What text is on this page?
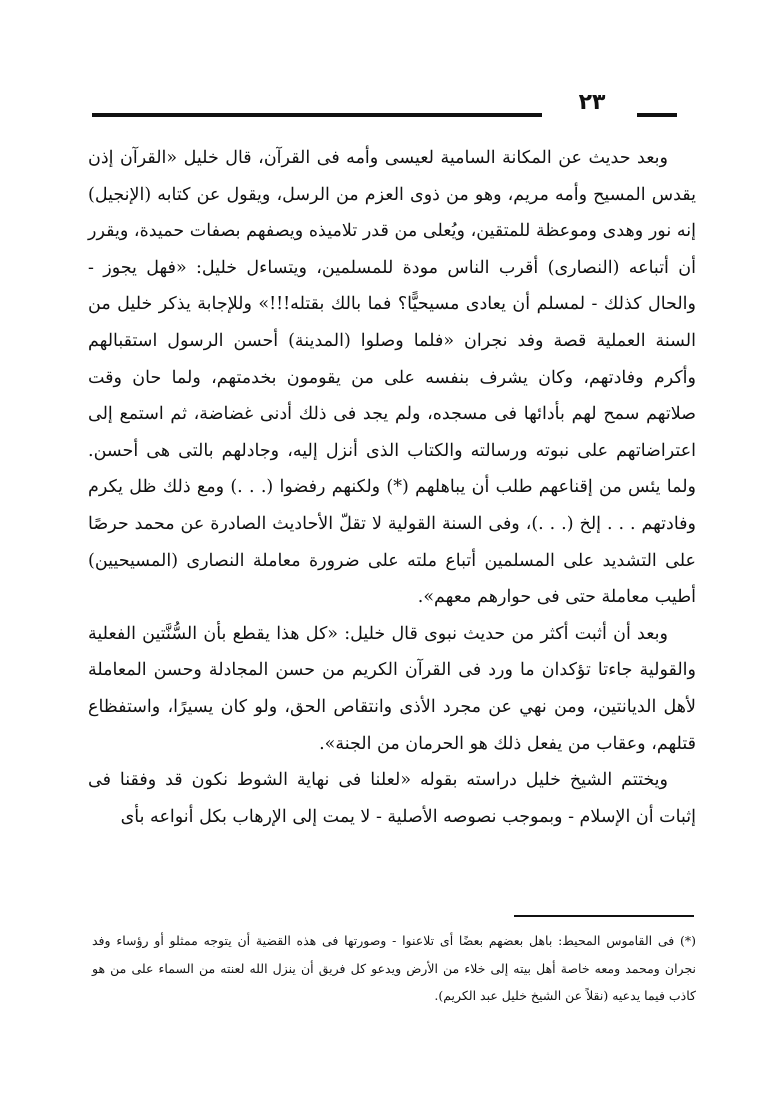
٢٣

وبعد حديث عن المكانة السامية لعيسى وأمه فى القرآن، قال خليل «القرآن إذن يقدس المسيح وأمه مريم، وهو من ذوى العزم من الرسل، ويقول عن كتابه (الإنجيل) إنه نور وهدى وموعظة للمتقين، ويُعلى من قدر تلاميذه ويصفهم بصفات حميدة، ويقرر أن أتباعه (النصارى) أقرب الناس مودة للمسلمين، ويتساءل خليل: «فهل يجوز - والحال كذلك - لمسلم أن يعادى مسيحيًّا؟ فما بالك بقتله!!!» وللإجابة يذكر خليل من السنة العملية قصة وفد نجران «فلما وصلوا (المدينة) أحسن الرسول استقبالهم وأكرم وفادتهم، وكان يشرف بنفسه على من يقومون بخدمتهم، ولما حان وقت صلاتهم سمح لهم بأدائها فى مسجده، ولم يجد فى ذلك أدنى غضاضة، ثم استمع إلى اعتراضاتهم على نبوته ورسالته والكتاب الذى أنزل إليه، وجادلهم بالتى هى أحسن. ولما يئس من إقناعهم طلب أن يباهلهم (*) ولكنهم رفضوا (. . .) ومع ذلك ظل يكرم وفادتهم . . . إلخ (. . .)، وفى السنة القولية لا تقلّ الأحاديث الصادرة عن محمد حرصًا على التشديد على المسلمين أتباع ملته على ضرورة معاملة النصارى (المسيحيين) أطيب معاملة حتى فى حوارهم معهم».

وبعد أن أثبت أكثر من حديث نبوى قال خليل: «كل هذا يقطع بأن السُّنَّتين الفعلية والقولية جاءتا تؤكدان ما ورد فى القرآن الكريم من حسن المجادلة وحسن المعاملة لأهل الديانتين، ومن نهي عن مجرد الأذى وانتقاص الحق، ولو كان يسيرًا، واستفظاع قتلهم، وعقاب من يفعل ذلك هو الحرمان من الجنة».

ويختتم الشيخ خليل دراسته بقوله «لعلنا فى نهاية الشوط نكون قد وفقنا فى إثبات أن الإسلام - وبموجب نصوصه الأصلية - لا يمت إلى الإرهاب بكل أنواعه بأى

(*) فى القاموس المحيط: باهل بعضهم بعضًا أى تلاعنوا - وصورتها فى هذه القضية أن يتوجه ممثلو أو رؤساء وفد نجران ومحمد ومعه خاصة أهل بيته إلى خلاء من الأرض ويدعو كل فريق أن ينزل الله لعنته من السماء على من هو كاذب فيما يدعيه (نقلاً عن الشيخ خليل عبد الكريم).
